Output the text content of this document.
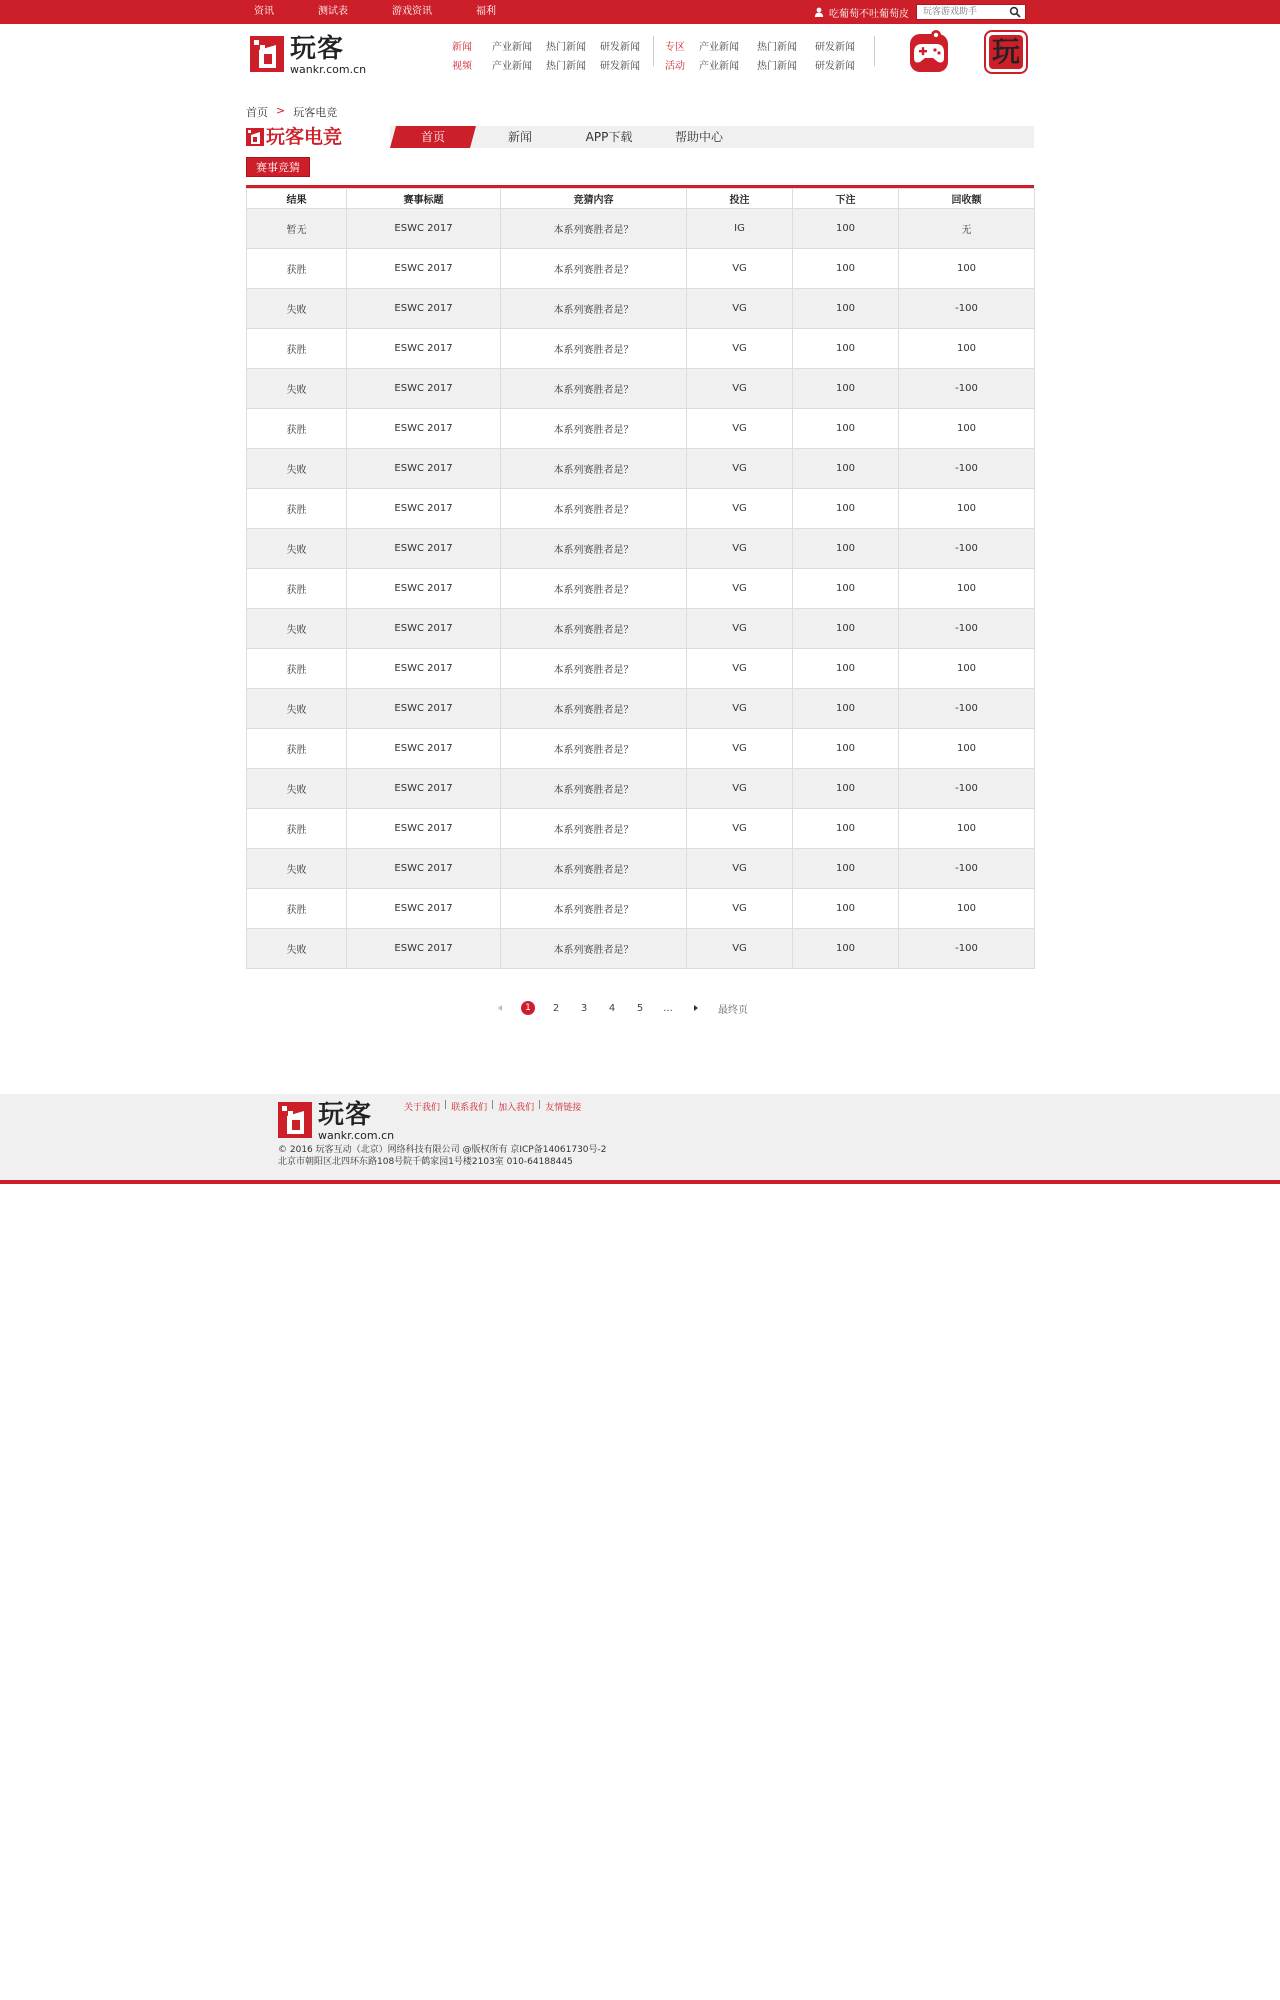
资讯	测试表	游戏资讯	福利	吃葡萄不吐葡萄皮
玩客游戏助手
玩客
wankr.com.cn
新闻	产业新闻	热门新闻	研发新闻
视频	产业新闻	热门新闻	研发新闻
专区	产业新闻	热门新闻	研发新闻
活动	产业新闻	热门新闻	研发新闻	玩
首页 > 玩客电竞
玩客电竞	首页	新闻	APP下载	帮助中心
赛事竞猜
结果	赛事标题	竞猜内容	投注	下注	回收额
暂无	ESWC 2017	本系列赛胜者是？	IG	100	无
获胜	ESWC 2017	本系列赛胜者是？	VG	100	100
失败	ESWC 2017	本系列赛胜者是？	VG	100	-100
获胜	ESWC 2017	本系列赛胜者是？	VG	100	100
失败	ESWC 2017	本系列赛胜者是？	VG	100	-100
获胜	ESWC 2017	本系列赛胜者是？	VG	100	100
失败	ESWC 2017	本系列赛胜者是？	VG	100	-100
获胜	ESWC 2017	本系列赛胜者是？	VG	100	100
失败	ESWC 2017	本系列赛胜者是？	VG	100	-100
获胜	ESWC 2017	本系列赛胜者是？	VG	100	100
失败	ESWC 2017	本系列赛胜者是？	VG	100	-100
获胜	ESWC 2017	本系列赛胜者是？	VG	100	100
失败	ESWC 2017	本系列赛胜者是？	VG	100	-100
获胜	ESWC 2017	本系列赛胜者是？	VG	100	100
失败	ESWC 2017	本系列赛胜者是？	VG	100	-100
获胜	ESWC 2017	本系列赛胜者是？	VG	100	100
失败	ESWC 2017	本系列赛胜者是？	VG	100	-100
获胜	ESWC 2017	本系列赛胜者是？	VG	100	100
失败	ESWC 2017	本系列赛胜者是？	VG	100	-100
1	2	3	4	5	...	最终页
玩客
wankr.com.cn
关于我们 | 联系我们 | 加入我们 | 友情链接
© 2016 玩客互动（北京）网络科技有限公司 @版权所有 京ICP备14061730号-2
北京市朝阳区北四环东路108号院千鹤家园1号楼2103室 010-64188445
